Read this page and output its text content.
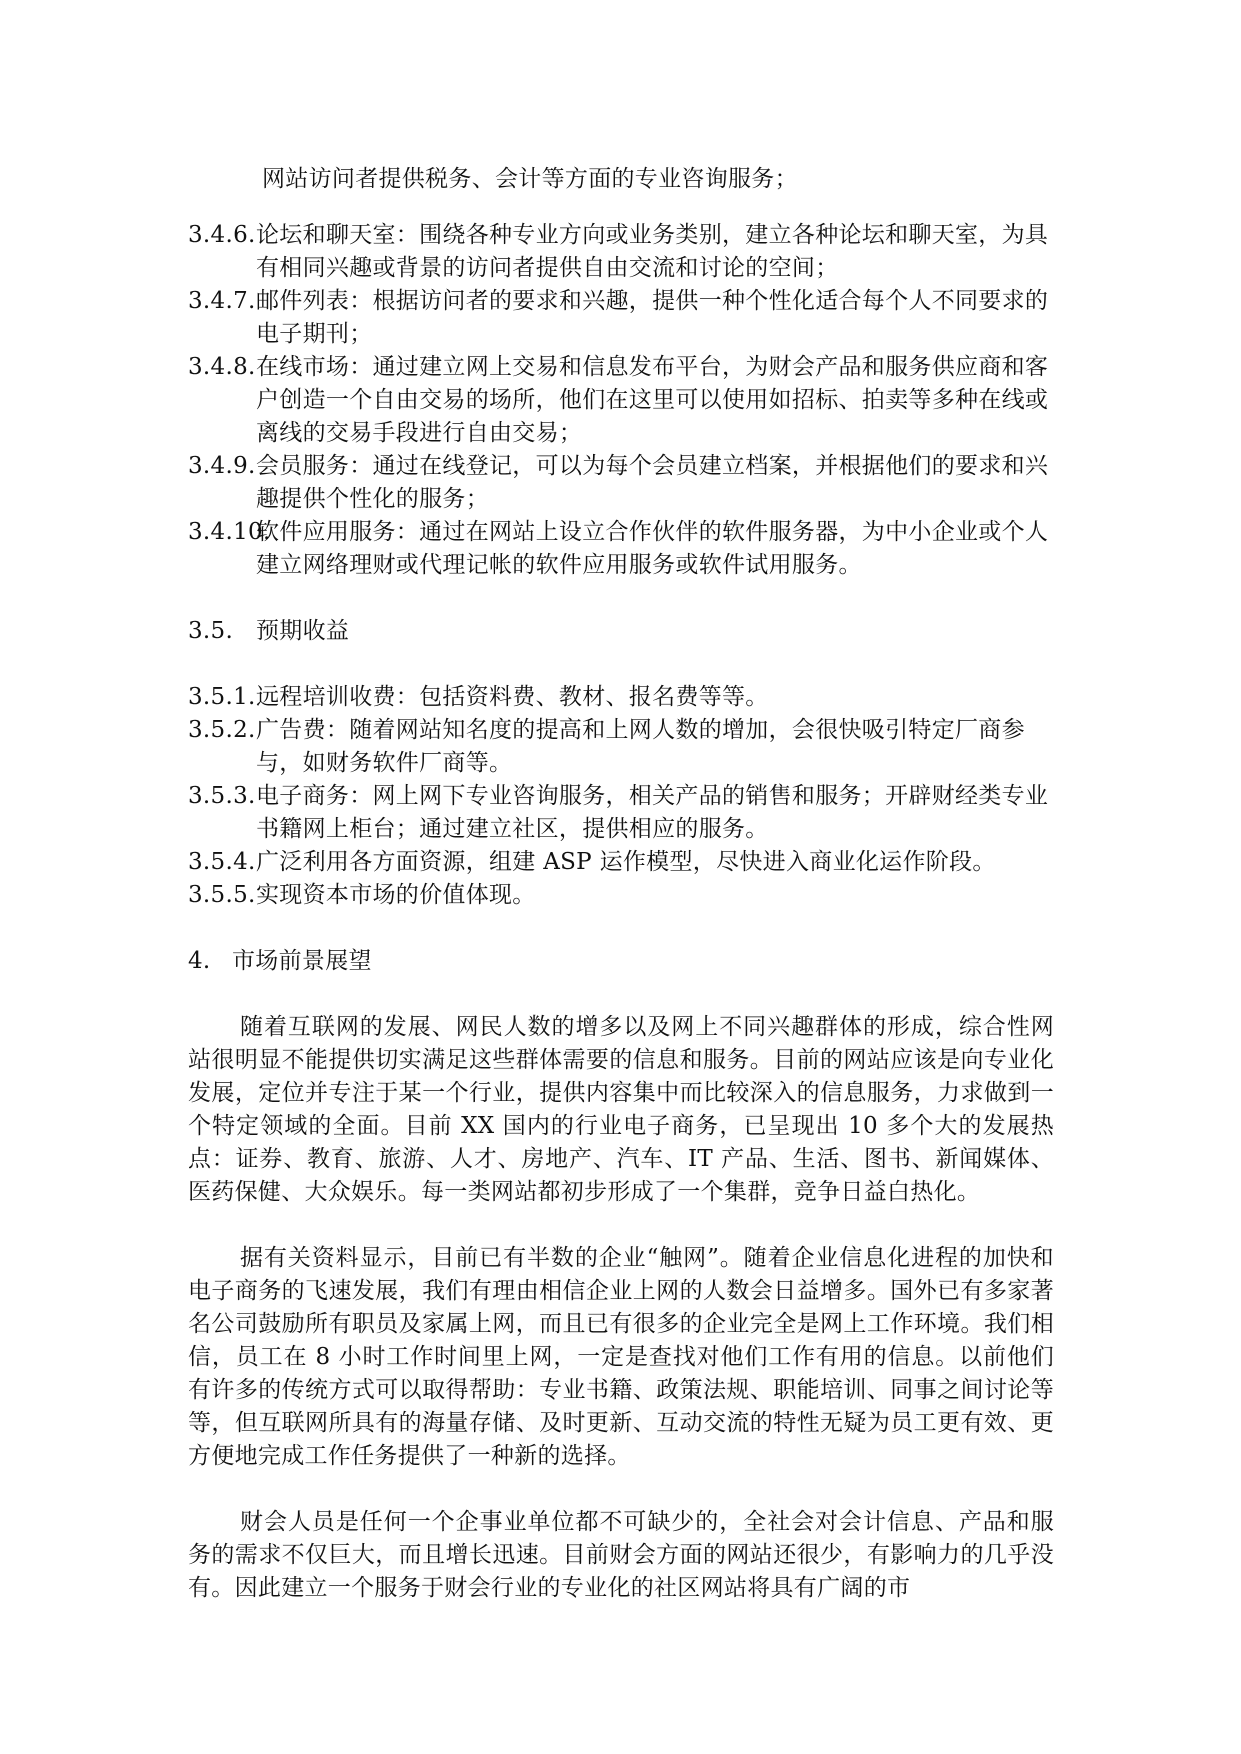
网站访问者提供税务、会计等方面的专业咨询服务；

3.4.6. 论坛和聊天室：围绕各种专业方向或业务类别，建立各种论坛和聊天室，为具有相同兴趣或背景的访问者提供自由交流和讨论的空间；
3.4.7. 邮件列表：根据访问者的要求和兴趣，提供一种个性化适合每个人不同要求的电子期刊；
3.4.8. 在线市场：通过建立网上交易和信息发布平台，为财会产品和服务供应商和客户创造一个自由交易的场所，他们在这里可以使用如招标、拍卖等多种在线或离线的交易手段进行自由交易；
3.4.9. 会员服务：通过在线登记，可以为每个会员建立档案，并根据他们的要求和兴趣提供个性化的服务；
3.4.10.
软件应用服务：通过在网站上设立合作伙伴的软件服务器，为中小企业或个人建立网络理财或代理记帐的软件应用服务或软件试用服务。
3.5. 预期收益
3.5.1. 远程培训收费：包括资料费、教材、报名费等等。
3.5.2. 广告费：随着网站知名度的提高和上网人数的增加，会很快吸引特定厂商参与，如财务软件厂商等。
3.5.3. 电子商务：网上网下专业咨询服务，相关产品的销售和服务；开辟财经类专业书籍网上柜台；通过建立社区，提供相应的服务。
3.5.4. 广泛利用各方面资源，组建 ASP 运作模型，尽快进入商业化运作阶段。
3.5.5. 实现资本市场的价值体现。
4. 市场前景展望

随着互联网的发展、网民人数的增多以及网上不同兴趣群体的形成，综合性网站很明显不能提供切实满足这些群体需要的信息和服务。目前的网站应该是向专业化发展，定位并专注于某一个行业，提供内容集中而比较深入的信息服务，力求做到一个特定领域的全面。目前 XX 国内的行业电子商务，已呈现出 10 多个大的发展热点：证券、教育、旅游、人才、房地产、汽车、IT 产品、生活、图书、新闻媒体、医药保健、大众娱乐。每一类网站都初步形成了一个集群，竞争日益白热化。

据有关资料显示，目前已有半数的企业“触网”。随着企业信息化进程的加快和电子商务的飞速发展，我们有理由相信企业上网的人数会日益增多。国外已有多家著名公司鼓励所有职员及家属上网，而且已有很多的企业完全是网上工作环境。我们相信，员工在 8 小时工作时间里上网，一定是查找对他们工作有用的信息。以前他们有许多的传统方式可以取得帮助：专业书籍、政策法规、职能培训、同事之间讨论等等，但互联网所具有的海量存储、及时更新、互动交流的特性无疑为员工更有效、更方便地完成工作任务提供了一种新的选择。

财会人员是任何一个企事业单位都不可缺少的，全社会对会计信息、产品和服务的需求不仅巨大，而且增长迅速。目前财会方面的网站还很少，有影响力的几乎没有。因此建立一个服务于财会行业的专业化的社区网站将具有广阔的市
